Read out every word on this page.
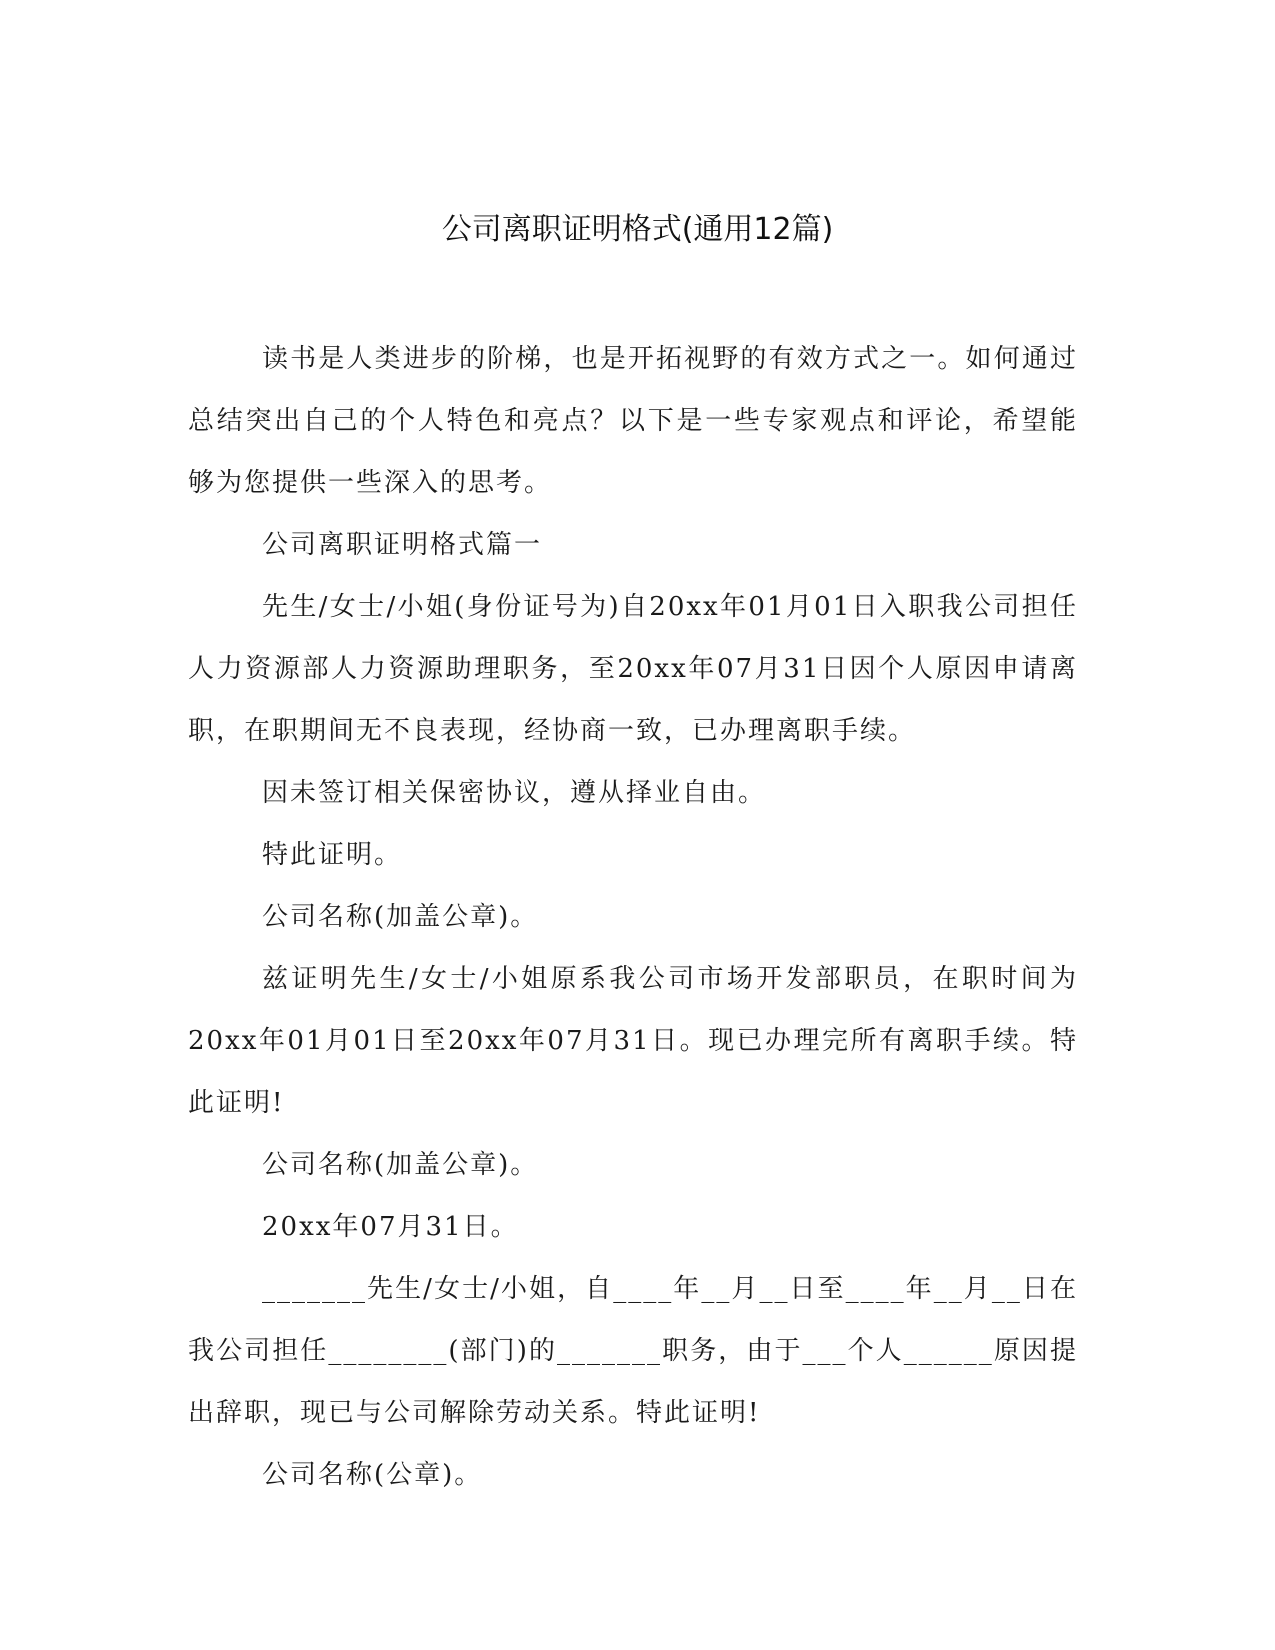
公司离职证明格式(通用12篇)

读书是人类进步的阶梯，也是开拓视野的有效方式之一。如何通过总结突出自己的个人特色和亮点？以下是一些专家观点和评论，希望能够为您提供一些深入的思考。

公司离职证明格式篇一

先生/女士/小姐(身份证号为)自20xx年01月01日入职我公司担任人力资源部人力资源助理职务，至20xx年07月31日因个人原因申请离职，在职期间无不良表现，经协商一致，已办理离职手续。

因未签订相关保密协议，遵从择业自由。

特此证明。

公司名称(加盖公章)。

兹证明先生/女士/小姐原系我公司市场开发部职员，在职时间为20xx年01月01日至20xx年07月31日。现已办理完所有离职手续。特此证明!

公司名称(加盖公章)。

20xx年07月31日。

_______先生/女士/小姐，自____年__月__日至____年__月__日在我公司担任________(部门)的_______职务，由于___个人______原因提出辞职，现已与公司解除劳动关系。特此证明!

公司名称(公章)。
